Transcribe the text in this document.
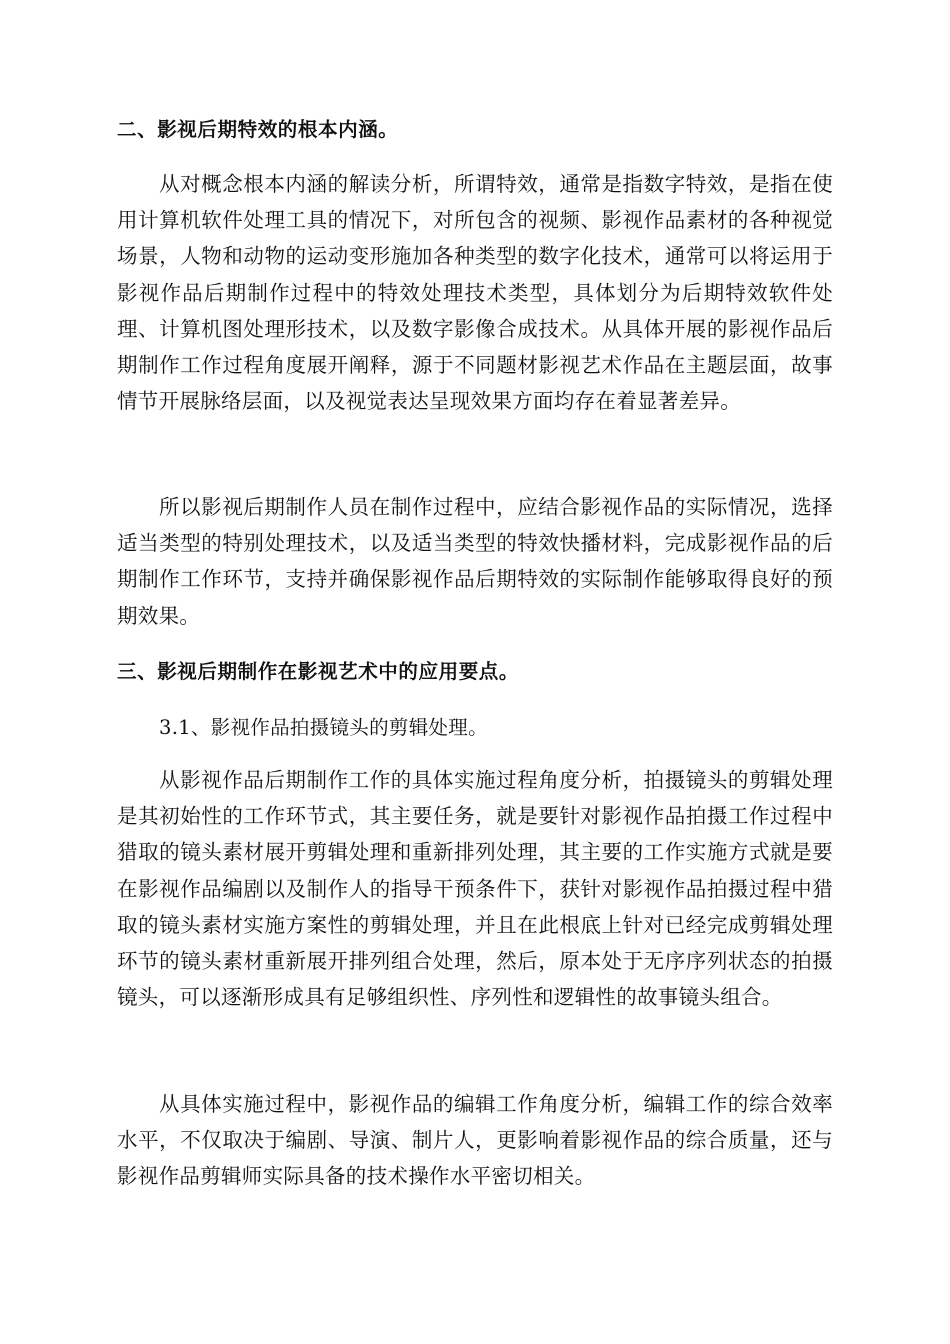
二、影视后期特效的根本内涵。

从对概念根本内涵的解读分析，所谓特效，通常是指数字特效，是指在使用计算机软件处理工具的情况下，对所包含的视频、影视作品素材的各种视觉场景，人物和动物的运动变形施加各种类型的数字化技术，通常可以将运用于影视作品后期制作过程中的特效处理技术类型，具体划分为后期特效软件处理、计算机图处理形技术，以及数字影像合成技术。从具体开展的影视作品后期制作工作过程角度展开阐释，源于不同题材影视艺术作品在主题层面，故事情节开展脉络层面，以及视觉表达呈现效果方面均存在着显著差异。

所以影视后期制作人员在制作过程中，应结合影视作品的实际情况，选择适当类型的特别处理技术，以及适当类型的特效快播材料，完成影视作品的后期制作工作环节，支持并确保影视作品后期特效的实际制作能够取得良好的预期效果。

三、影视后期制作在影视艺术中的应用要点。

3.1、影视作品拍摄镜头的剪辑处理。

从影视作品后期制作工作的具体实施过程角度分析，拍摄镜头的剪辑处理是其初始性的工作环节式，其主要任务，就是要针对影视作品拍摄工作过程中猎取的镜头素材展开剪辑处理和重新排列处理，其主要的工作实施方式就是要在影视作品编剧以及制作人的指导干预条件下，获针对影视作品拍摄过程中猎取的镜头素材实施方案性的剪辑处理，并且在此根底上针对已经完成剪辑处理环节的镜头素材重新展开排列组合处理，然后，原本处于无序序列状态的拍摄镜头，可以逐渐形成具有足够组织性、序列性和逻辑性的故事镜头组合。

从具体实施过程中，影视作品的编辑工作角度分析，编辑工作的综合效率水平，不仅取决于编剧、导演、制片人，更影响着影视作品的综合质量，还与影视作品剪辑师实际具备的技术操作水平密切相关。
